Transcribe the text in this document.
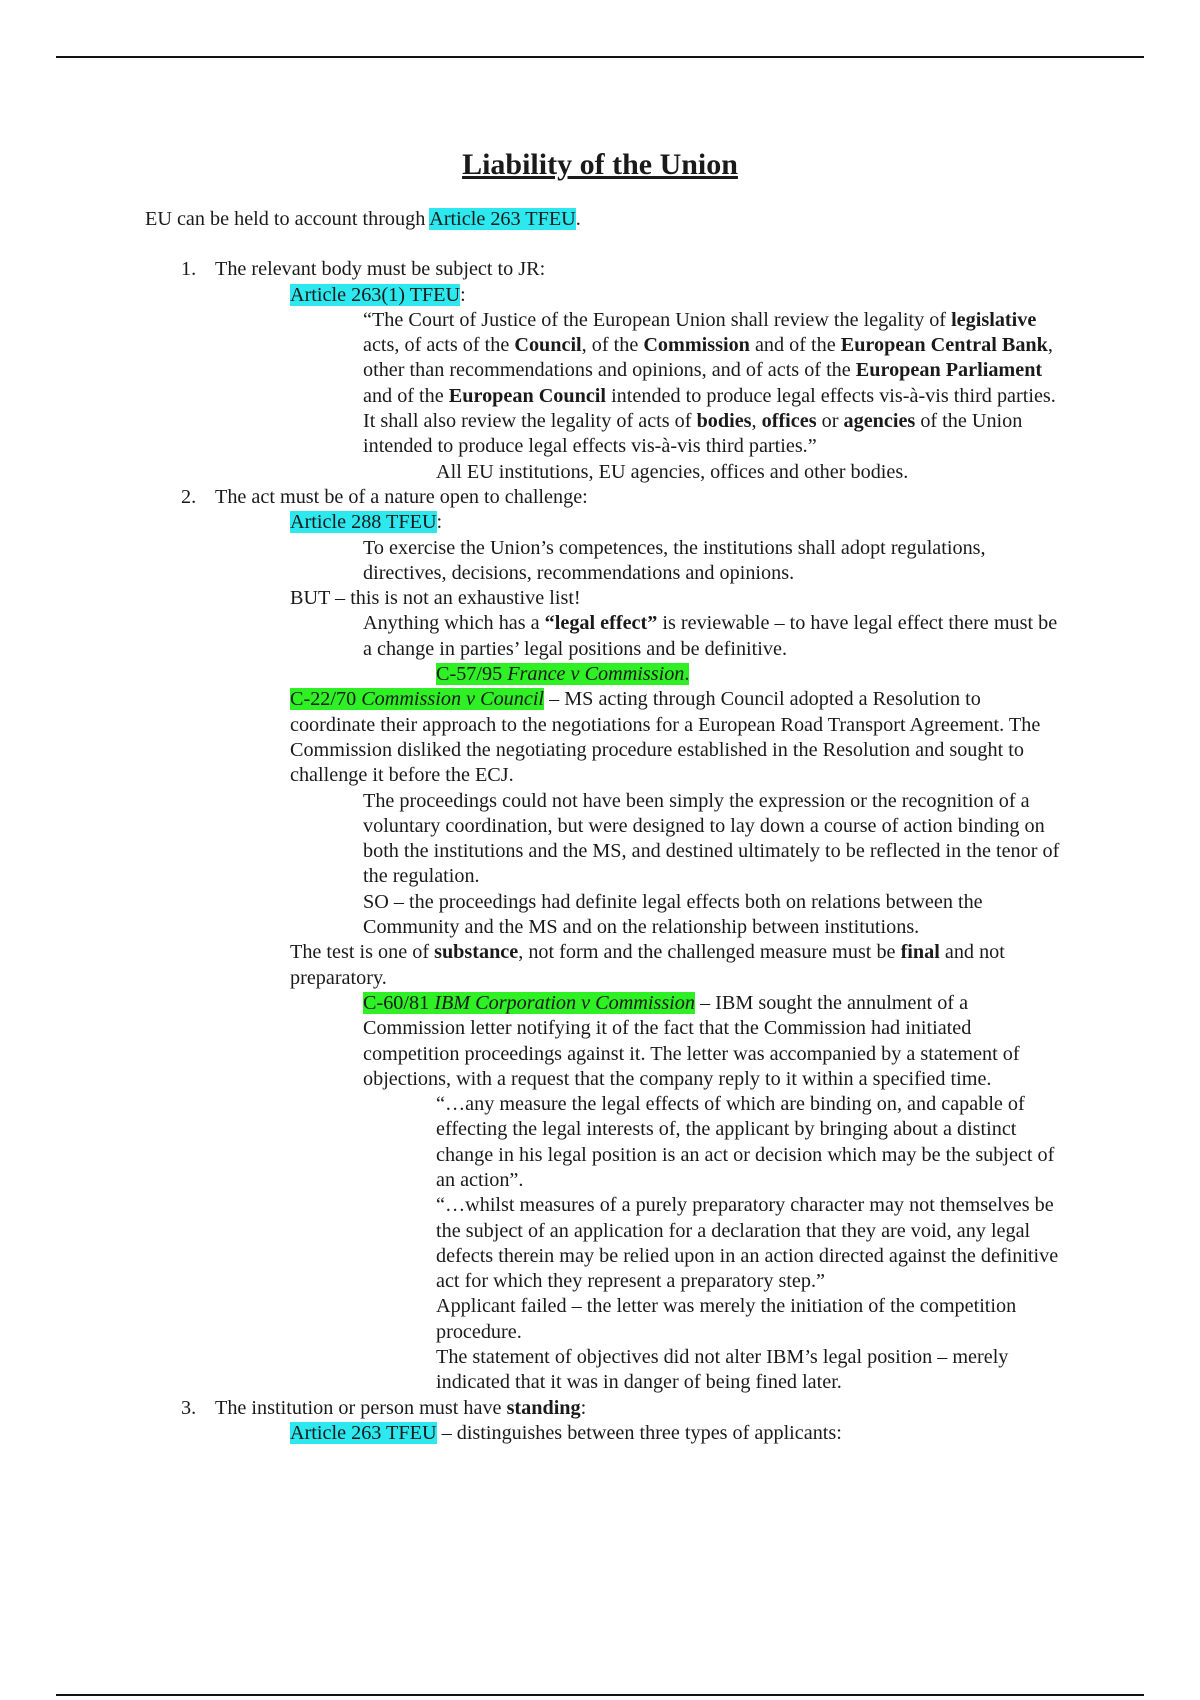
Liability of the Union

EU can be held to account through Article 263 TFEU.

1. The relevant body must be subject to JR:

Article 263(1) TFEU:

“The Court of Justice of the European Union shall review the legality of legislative acts, of acts of the Council, of the Commission and of the European Central Bank, other than recommendations and opinions, and of acts of the European Parliament and of the European Council intended to produce legal effects vis-à-vis third parties. It shall also review the legality of acts of bodies, offices or agencies of the Union intended to produce legal effects vis-à-vis third parties.”

All EU institutions, EU agencies, offices and other bodies.

2. The act must be of a nature open to challenge:

Article 288 TFEU:

To exercise the Union’s competences, the institutions shall adopt regulations, directives, decisions, recommendations and opinions.

BUT – this is not an exhaustive list!

Anything which has a “legal effect” is reviewable – to have legal effect there must be a change in parties’ legal positions and be definitive.

C-57/95 France v Commission.

C-22/70 Commission v Council – MS acting through Council adopted a Resolution to coordinate their approach to the negotiations for a European Road Transport Agreement. The Commission disliked the negotiating procedure established in the Resolution and sought to challenge it before the ECJ.

The proceedings could not have been simply the expression or the recognition of a voluntary coordination, but were designed to lay down a course of action binding on both the institutions and the MS, and destined ultimately to be reflected in the tenor of the regulation.

SO – the proceedings had definite legal effects both on relations between the Community and the MS and on the relationship between institutions.

The test is one of substance, not form and the challenged measure must be final and not preparatory.

C-60/81 IBM Corporation v Commission – IBM sought the annulment of a Commission letter notifying it of the fact that the Commission had initiated competition proceedings against it. The letter was accompanied by a statement of objections, with a request that the company reply to it within a specified time.

“…any measure the legal effects of which are binding on, and capable of effecting the legal interests of, the applicant by bringing about a distinct change in his legal position is an act or decision which may be the subject of an action”.

“…whilst measures of a purely preparatory character may not themselves be the subject of an application for a declaration that they are void, any legal defects therein may be relied upon in an action directed against the definitive act for which they represent a preparatory step.”

Applicant failed – the letter was merely the initiation of the competition procedure.

The statement of objectives did not alter IBM’s legal position – merely indicated that it was in danger of being fined later.

3. The institution or person must have standing:

Article 263 TFEU – distinguishes between three types of applicants:
